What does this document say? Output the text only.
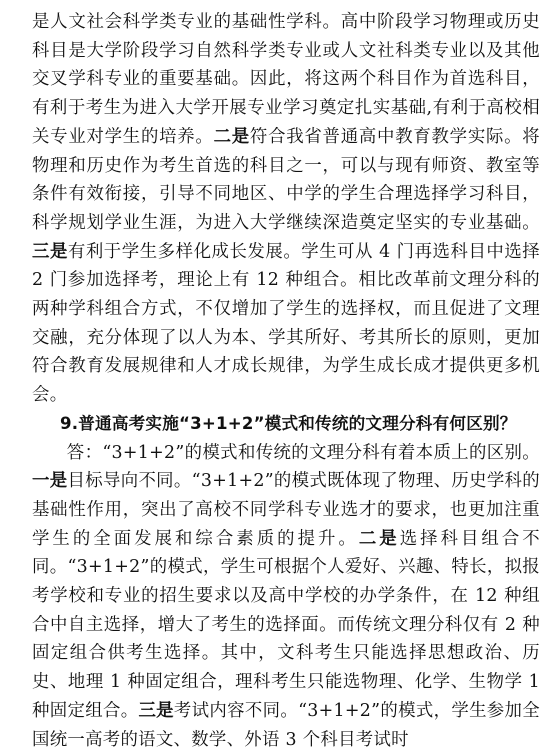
是人文社会科学类专业的基础性学科。高中阶段学习物理或历史科目是大学阶段学习自然科学类专业或人文社科类专业以及其他交叉学科专业的重要基础。因此，将这两个科目作为首选科目，有利于考生为进入大学开展专业学习奠定扎实基础,有利于高校相关专业对学生的培养。二是符合我省普通高中教育教学实际。将物理和历史作为考生首选的科目之一，可以与现有师资、教室等条件有效衔接，引导不同地区、中学的学生合理选择学习科目，科学规划学业生涯，为进入大学继续深造奠定坚实的专业基础。三是有利于学生多样化成长发展。学生可从 4 门再选科目中选择 2 门参加选择考，理论上有 12 种组合。相比改革前文理分科的两种学科组合方式，不仅增加了学生的选择权，而且促进了文理交融，充分体现了以人为本、学其所好、考其所长的原则，更加符合教育发展规律和人才成长规律，为学生成长成才提供更多机会。

9.普通高考实施“3+1+2”模式和传统的文理分科有何区别？

答：“3+1+2”的模式和传统的文理分科有着本质上的区别。一是目标导向不同。“3+1+2”的模式既体现了物理、历史学科的基础性作用，突出了高校不同学科专业选才的要求，也更加注重学生的全面发展和综合素质的提升。二是选择科目组合不同。“3+1+2”的模式，学生可根据个人爱好、兴趣、特长，拟报考学校和专业的招生要求以及高中学校的办学条件，在 12 种组合中自主选择，增大了考生的选择面。而传统文理分科仅有 2 种固定组合供考生选择。其中，文科考生只能选择思想政治、历史、地理 1 种固定组合，理科考生只能选物理、化学、生物学 1 种固定组合。三是考试内容不同。“3+1+2”的模式，学生参加全国统一高考的语文、数学、外语 3 个科目考试时
